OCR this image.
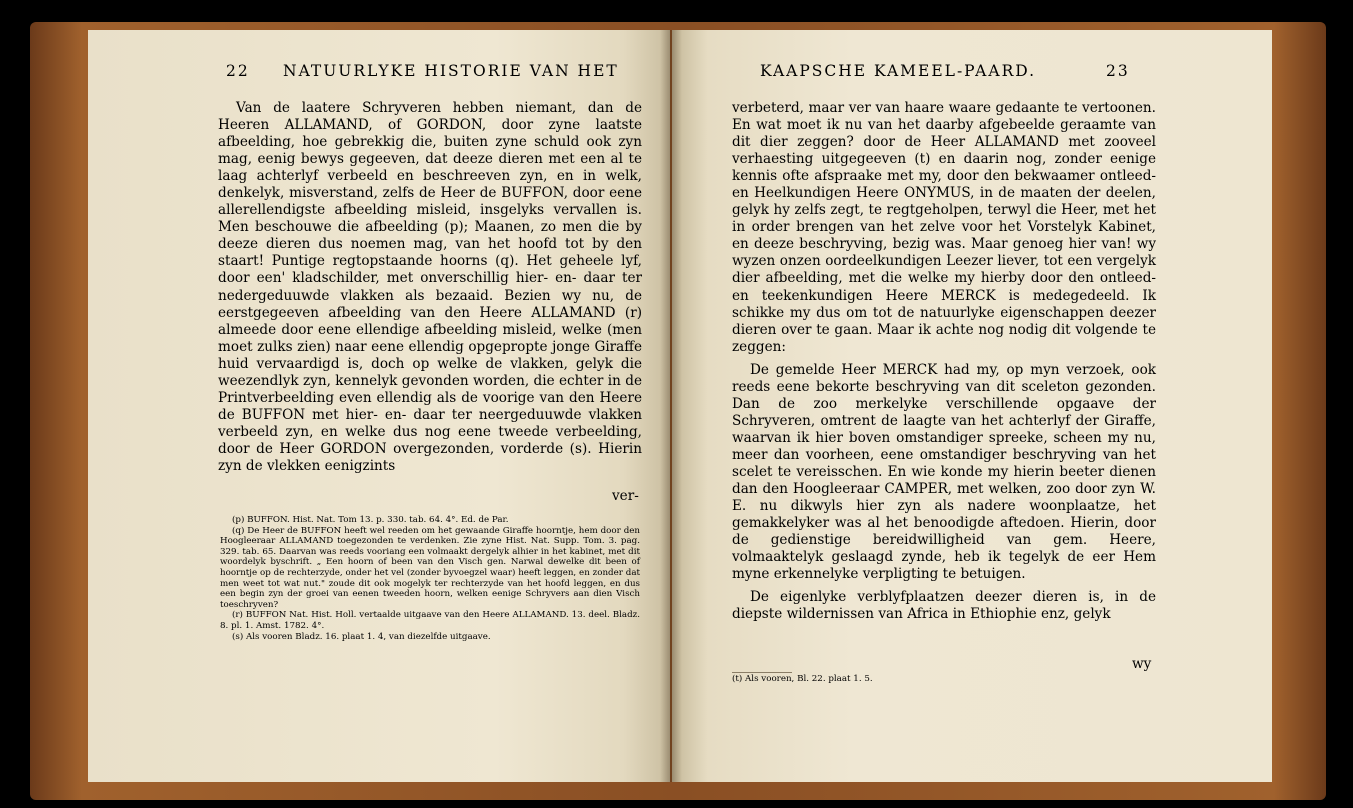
22 NATUURLYKE HISTORIE VAN HET

Van de laatere Schryveren hebben niemant, dan de Heeren ALLAMAND, of GORDON, door zyne laatste afbeelding, hoe gebrekkig die, buiten zyne schuld ook zyn mag, eenig bewys gegeeven, dat deeze dieren met een al te laag achterlyf verbeeld en beschreeven zyn, en in welk, denkelyk, misverstand, zelfs de Heer de BUFFON, door eene allerellendigste afbeelding misleid, insgelyks vervallen is. Men beschouwe die afbeelding (p); Maanen, zo men die by deeze dieren dus noemen mag, van het hoofd tot by den staart! Puntige regtopstaande hoorns (q). Het geheele lyf, door een' kladschilder, met onverschillig hier- en- daar ter nedergeduuwde vlakken als bezaaid. Bezien wy nu, de eerstgegeeven afbeelding van den Heere ALLAMAND (r) almeede door eene ellendige afbeelding misleid, welke (men moet zulks zien) naar eene ellendig opgepropte jonge Giraffe huid vervaardigd is, doch op welke de vlakken, gelyk die weezendlyk zyn, kennelyk gevonden worden, die echter in de Printverbeelding even ellendig als de voorige van den Heere de BUFFON met hier- en- daar ter neergeduuwde vlakken verbeeld zyn, en welke dus nog eene tweede verbeelding, door de Heer GORDON overgezonden, vorderde (s). Hierin zyn de vlekken eenigzints

ver-

(p) BUFFON. Hist. Nat. Tom 13. p. 330. tab. 64. 4°. Ed. de Par.

(q) De Heer de BUFFON heeft wel reeden om het gewaande Giraffe hoorntje, hem door den Hoogleeraar ALLAMAND toegezonden te verdenken. Zie zyne Hist. Nat. Supp. Tom. 3. pag. 329. tab. 65. Daarvan was reeds vooriang een volmaakt dergelyk alhier in het kabinet, met dit woordelyk byschrift. „ Een hoorn of been van den Visch gen. Narwal dewelke dit been of hoorntje op de rechterzyde, onder het vel (zonder byvoegzel waar) heeft leggen, en zonder dat men weet tot wat nut." zoude dit ook mogelyk ter rechterzyde van het hoofd leggen, en dus een begin zyn der groei van eenen tweeden hoorn, welken eenige Schryvers aan dien Visch toeschryven?

(r) BUFFON Nat. Hist. Holl. vertaalde uitgaave van den Heere ALLAMAND. 13. deel. Bladz. 8. pl. 1. Amst. 1782. 4°.

(s) Als vooren Bladz. 16. plaat 1. 4, van diezelfde uitgaave.

KAAPSCHE KAMEEL-PAARD.	23

verbeterd, maar ver van haare waare gedaante te vertoonen. En wat moet ik nu van het daarby afgebeelde geraamte van dit dier zeggen? door de Heer ALLAMAND met zooveel verhaesting uitgegeeven (t) en daarin nog, zonder eenige kennis ofte afspraake met my, door den bekwaamer ontleed- en Heelkundigen Heere ONYMUS, in de maaten der deelen, gelyk hy zelfs zegt, te regtgeholpen, terwyl die Heer, met het in order brengen van het zelve voor het Vorstelyk Kabinet, en deeze beschryving, bezig was. Maar genoeg hier van! wy wyzen onzen oordeelkundigen Leezer liever, tot een vergelyk dier afbeelding, met die welke my hierby door den ontleed- en teekenkundigen Heere MERCK is medegedeeld. Ik schikke my dus om tot de natuurlyke eigenschappen deezer dieren over te gaan. Maar ik achte nog nodig dit volgende te zeggen:

De gemelde Heer MERCK had my, op myn verzoek, ook reeds eene bekorte beschryving van dit sceleton gezonden. Dan de zoo merkelyke verschillende opgaave der Schryveren, omtrent de laagte van het achterlyf der Giraffe, waarvan ik hier boven omstandiger spreeke, scheen my nu, meer dan voorheen, eene omstandiger beschryving van het scelet te vereisschen. En wie konde my hierin beeter dienen dan den Hoogleeraar CAMPER, met welken, zoo door zyn W. E. nu dikwyls hier zyn als nadere woonplaatze, het gemakkelyker was al het benoodigde aftedoen. Hierin, door de gedienstige bereidwilligheid van gem. Heere, volmaaktelyk geslaagd zynde, heb ik tegelyk de eer Hem myne erkennelyke verpligting te betuigen.

De eigenlyke verblyfplaatzen deezer dieren is, in de diepste wildernissen van Africa in Ethiophie enz, gelyk

wy

(t) Als vooren, Bl. 22. plaat 1. 5.
